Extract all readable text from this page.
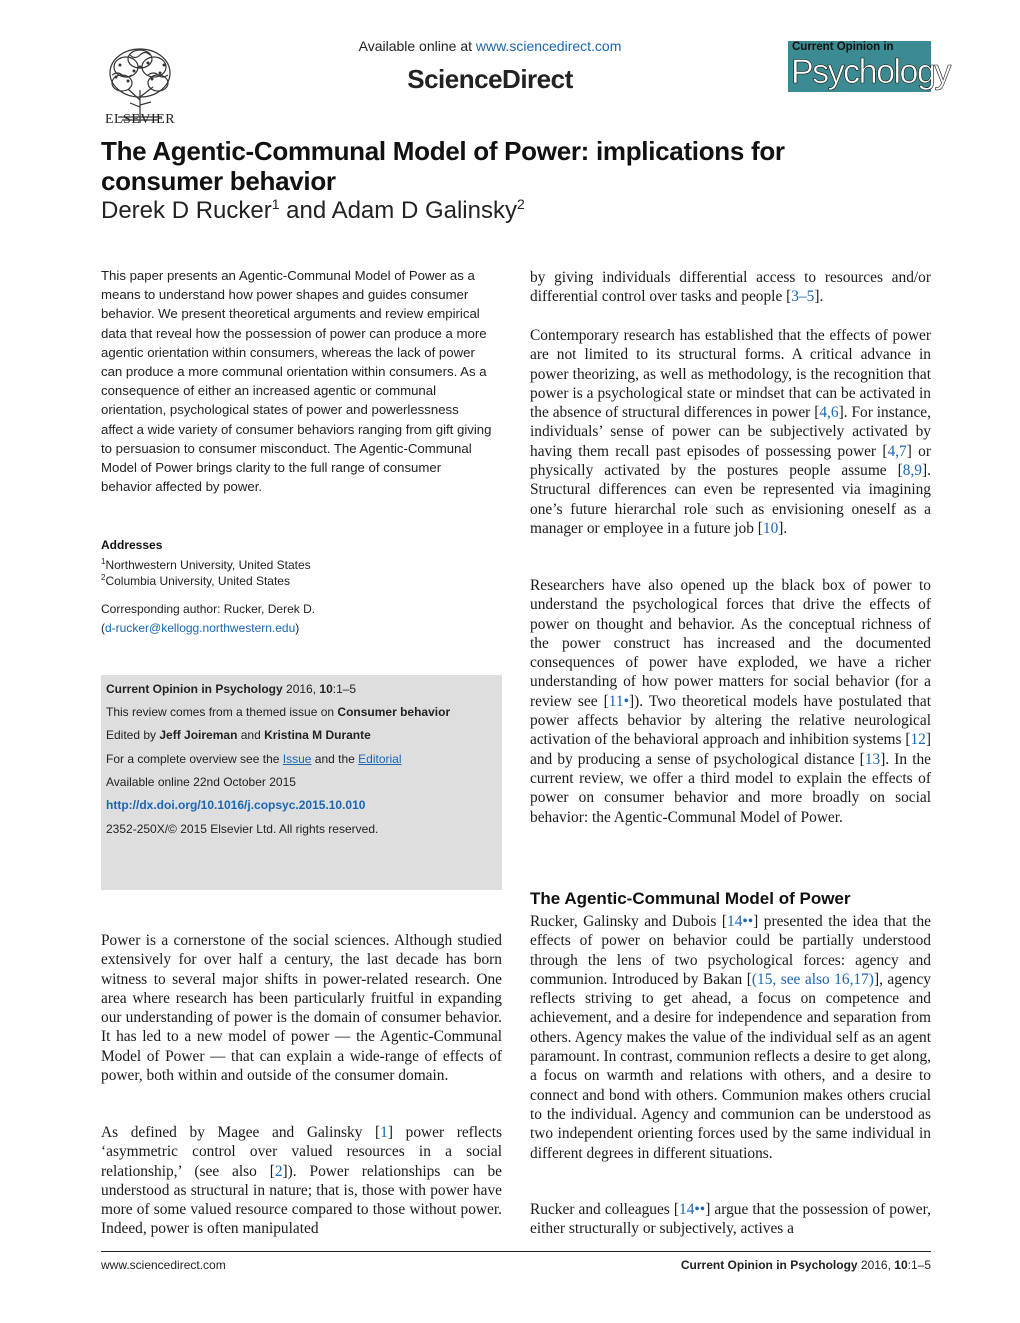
ELSEVIER
Available online at www.sciencedirect.com
ScienceDirect
Current Opinion in
Psychology
The Agentic-Communal Model of Power: implications for consumer behavior
Derek D Rucker$^1$ and Adam D Galinsky$^2$
This paper presents an Agentic-Communal Model of Power as a means to understand how power shapes and guides consumer behavior. We present theoretical arguments and review empirical data that reveal how the possession of power can produce a more agentic orientation within consumers, whereas the lack of power can produce a more communal orientation within consumers. As a consequence of either an increased agentic or communal orientation, psychological states of power and powerlessness affect a wide variety of consumer behaviors ranging from gift giving to persuasion to consumer misconduct. The Agentic-Communal Model of Power brings clarity to the full range of consumer behavior affected by power.
Addresses
$^1$Northwestern University, United States
$^2$Columbia University, United States
Corresponding author: Rucker, Derek D.
(d-rucker@kellogg.northwestern.edu)
Current Opinion in Psychology 2016, 10:1–5
This review comes from a themed issue on Consumer behavior
Edited by Jeff Joireman and Kristina M Durante
For a complete overview see the Issue and the Editorial
Available online 22nd October 2015
http://dx.doi.org/10.1016/j.copsyc.2015.10.010
2352-250X/© 2015 Elsevier Ltd. All rights reserved.
Power is a cornerstone of the social sciences. Although studied extensively for over half a century, the last decade has born witness to several major shifts in power-related research. One area where research has been particularly fruitful in expanding our understanding of power is the domain of consumer behavior. It has led to a new model of power — the Agentic-Communal Model of Power — that can explain a wide-range of effects of power, both within and outside of the consumer domain.
As defined by Magee and Galinsky [1] power reflects ‘asymmetric control over valued resources in a social relationship,’ (see also [2]). Power relationships can be understood as structural in nature; that is, those with power have more of some valued resource compared to those without power. Indeed, power is often manipulated
by giving individuals differential access to resources and/or differential control over tasks and people [3–5].
Contemporary research has established that the effects of power are not limited to its structural forms. A critical advance in power theorizing, as well as methodology, is the recognition that power is a psychological state or mindset that can be activated in the absence of structural differences in power [4,6]. For instance, individuals’ sense of power can be subjectively activated by having them recall past episodes of possessing power [4,7] or physically activated by the postures people assume [8,9]. Structural differences can even be represented via imagining one’s future hierarchal role such as envisioning oneself as a manager or employee in a future job [10].
Researchers have also opened up the black box of power to understand the psychological forces that drive the effects of power on thought and behavior. As the conceptual richness of the power construct has increased and the documented consequences of power have exploded, we have a richer understanding of how power matters for social behavior (for a review see [11•]). Two theoretical models have postulated that power affects behavior by altering the relative neurological activation of the behavioral approach and inhibition systems [12] and by producing a sense of psychological distance [13]. In the current review, we offer a third model to explain the effects of power on consumer behavior and more broadly on social behavior: the Agentic-Communal Model of Power.
The Agentic-Communal Model of Power
Rucker, Galinsky and Dubois [14••] presented the idea that the effects of power on behavior could be partially understood through the lens of two psychological forces: agency and communion. Introduced by Bakan [(15, see also 16,17)], agency reflects striving to get ahead, a focus on competence and achievement, and a desire for independence and separation from others. Agency makes the value of the individual self as an agent paramount. In contrast, communion reflects a desire to get along, a focus on warmth and relations with others, and a desire to connect and bond with others. Communion makes others crucial to the individual. Agency and communion can be understood as two independent orienting forces used by the same individual in different degrees in different situations.
Rucker and colleagues [14••] argue that the possession of power, either structurally or subjectively, actives a
www.sciencedirect.com	Current Opinion in Psychology 2016, 10:1–5
